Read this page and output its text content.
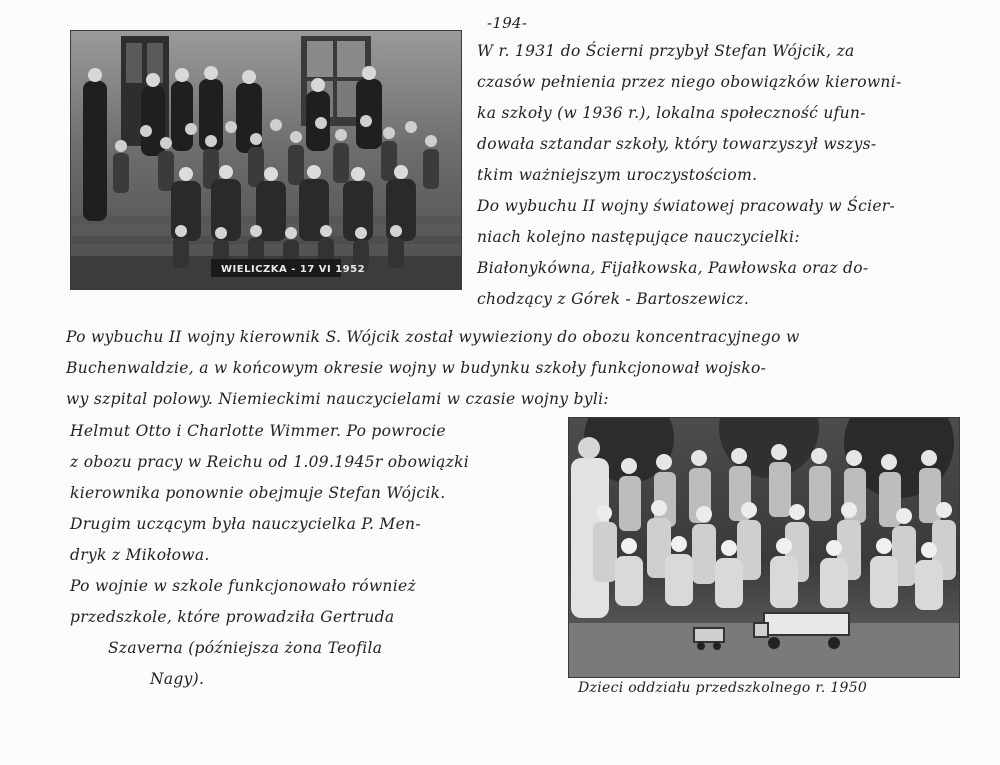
-194-
WIELICZKA - 17 VI 1952
W r. 1931 do Ścierni przybył Stefan Wójcik, za
czasów pełnienia przez niego obowiązków kierowni-
ka szkoły (w 1936 r.), lokalna społeczność ufun-
dowała sztandar szkoły, który towarzyszył wszys-
tkim ważniejszym uroczystościom.
Do wybuchu II wojny światowej pracowały w Ścier-
niach kolejno następujące nauczycielki:
Białonykówna, Fijałkowska, Pawłowska oraz do-
chodzący z Górek - Bartoszewicz.
Po wybuchu II wojny kierownik S. Wójcik został wywieziony do obozu koncentracyjnego w
Buchenwaldzie, a w końcowym okresie wojny w budynku szkoły funkcjonował wojsko-
wy szpital polowy. Niemieckimi nauczycielami w czasie wojny byli:
Helmut Otto i Charlotte Wimmer. Po powrocie
z obozu pracy w Reichu od 1.09.1945r obowiązki
kierownika ponownie obejmuje Stefan Wójcik.
Drugim uczącym była nauczycielka P. Men-
dryk z Mikołowa.
Po wojnie w szkole funkcjonowało również
przedszkole, które prowadziła Gertruda
Szaverna (późniejsza żona Teofila
Nagy).	Dzieci oddziału przedszkolnego r. 1950
